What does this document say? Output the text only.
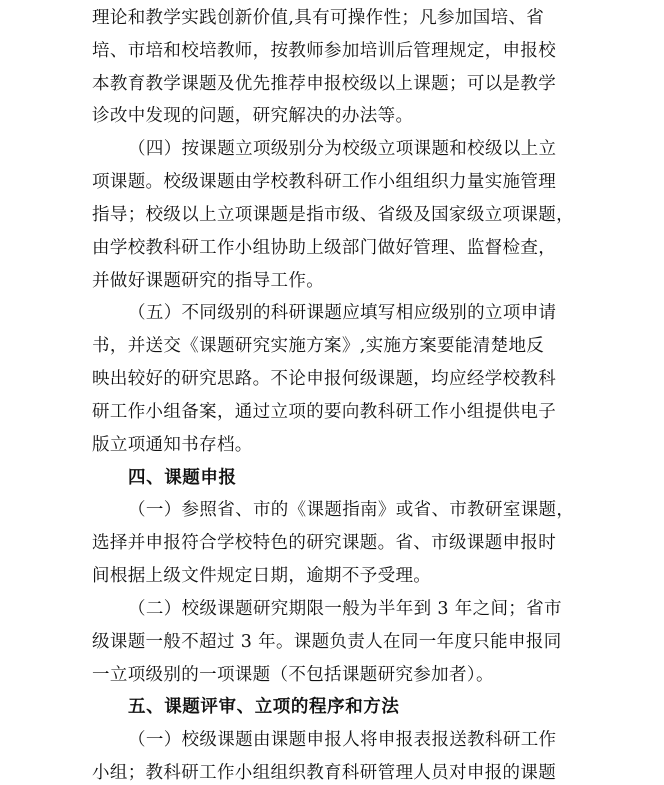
理论和教学实践创新价值,具有可操作性；凡参加国培、省
培、市培和校培教师，按教师参加培训后管理规定，申报校
本教育教学课题及优先推荐申报校级以上课题；可以是教学
诊改中发现的问题，研究解决的办法等。
（四）按课题立项级别分为校级立项课题和校级以上立
项课题。校级课题由学校教科研工作小组组织力量实施管理
指导；校级以上立项课题是指市级、省级及国家级立项课题，
由学校教科研工作小组协助上级部门做好管理、监督检查，
并做好课题研究的指导工作。
（五）不同级别的科研课题应填写相应级别的立项申请
书，并送交《课题研究实施方案》,实施方案要能清楚地反
映出较好的研究思路。不论申报何级课题，均应经学校教科
研工作小组备案，通过立项的要向教科研工作小组提供电子
版立项通知书存档。
四、课题申报
（一）参照省、市的《课题指南》或省、市教研室课题，
选择并申报符合学校特色的研究课题。省、市级课题申报时
间根据上级文件规定日期，逾期不予受理。
（二）校级课题研究期限一般为半年到 3 年之间；省市
级课题一般不超过 3 年。课题负责人在同一年度只能申报同
一立项级别的一项课题（不包括课题研究参加者）。
五、课题评审、立项的程序和方法
（一）校级课题由课题申报人将申报表报送教科研工作
小组；教科研工作小组组织教育科研管理人员对申报的课题
